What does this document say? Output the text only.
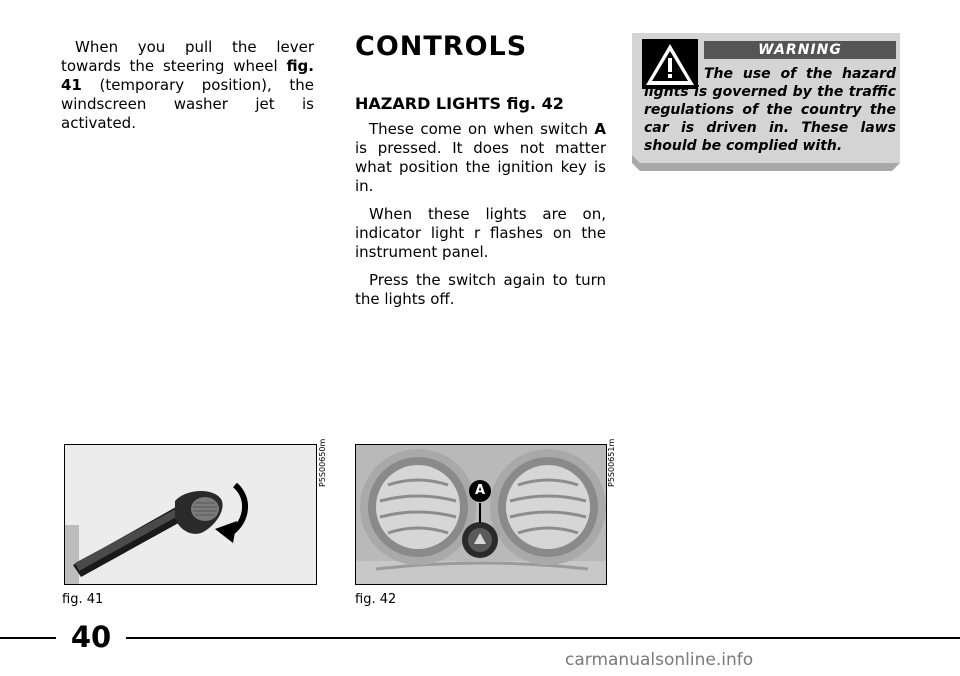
When you pull the lever towards the steering wheel fig. 41 (temporary position), the windscreen washer jet is activated.

CONTROLS
HAZARD LIGHTS fig. 42

These come on when switch A is pressed. It does not matter what position the ignition key is in.

When these lights are on, indicator light r flashes on the instrument panel.

Press the switch again to turn the lights off.

WARNING

The use of the hazard lights is governed by the traffic regulations of the country the car is driven in. These laws should be complied with.

P5S00650m

fig. 41

A
P5S00651m

fig. 42

40

carmanualsonline.info
